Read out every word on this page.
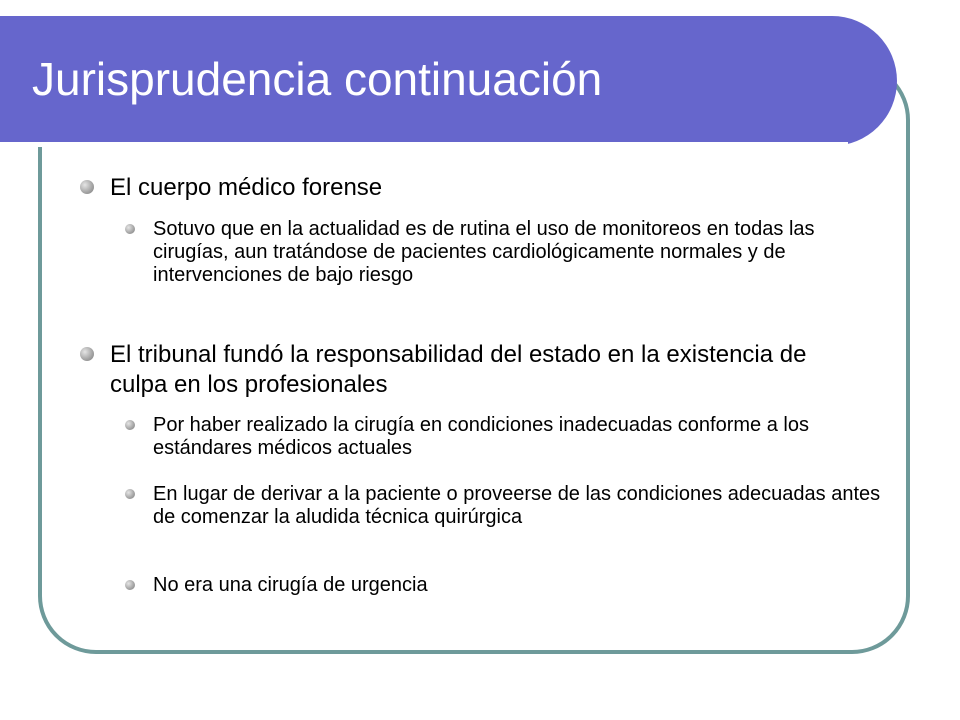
Jurisprudencia continuación
El cuerpo médico forense
Sotuvo que en la actualidad es de rutina el uso de monitoreos en todas las cirugías, aun tratándose de pacientes cardiológicamente normales y de intervenciones de bajo riesgo
El tribunal fundó la responsabilidad del estado en la existencia de culpa en los profesionales
Por haber realizado la cirugía en condiciones inadecuadas conforme a los estándares médicos actuales
En lugar de derivar a la paciente o proveerse de las condiciones adecuadas antes de comenzar la aludida técnica quirúrgica
No era una cirugía de urgencia
